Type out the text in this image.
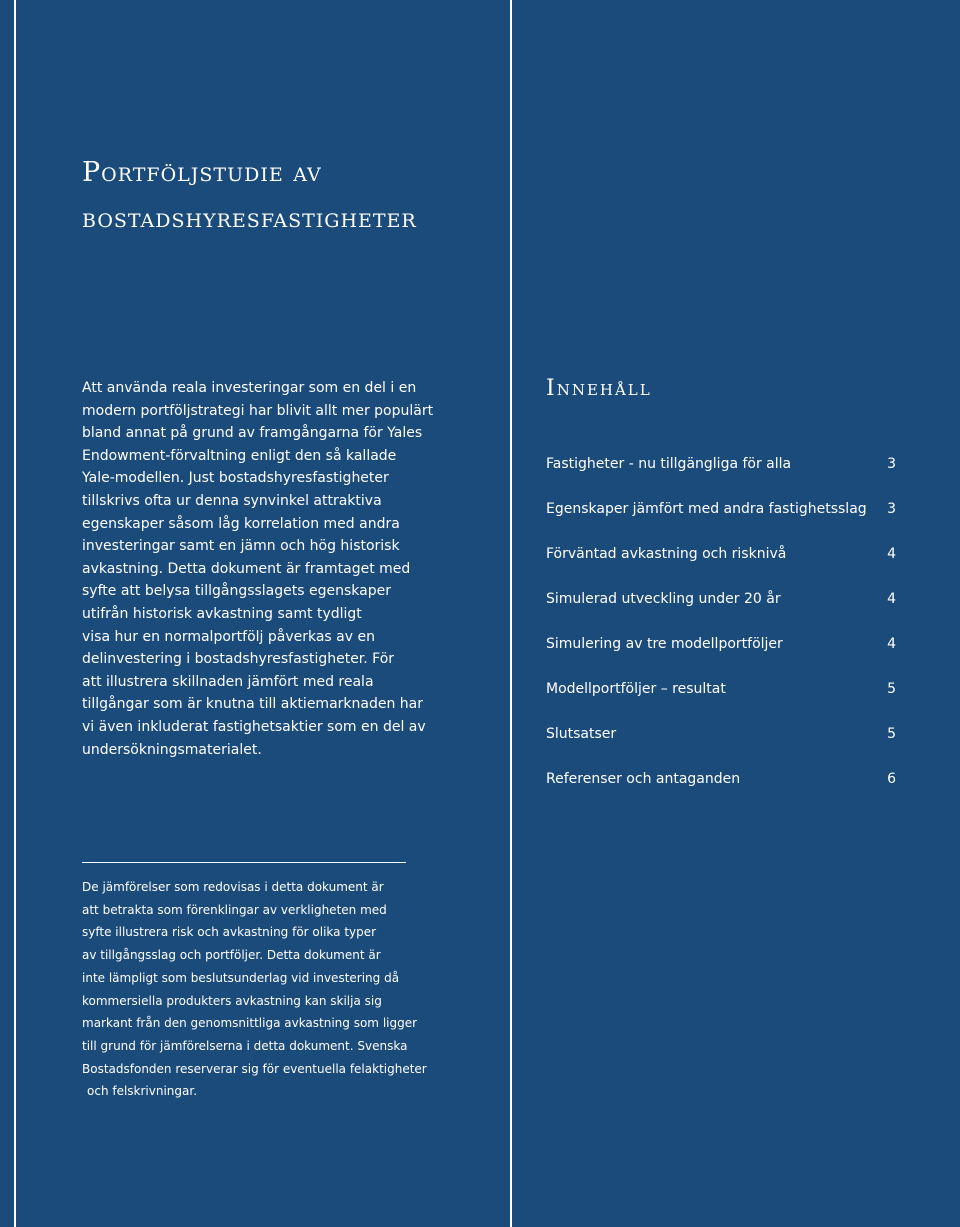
Portföljstudie av
bostadshyresfastigheter
Att använda reala investeringar som en del i en
modern portföljstrategi har blivit allt mer populärt
bland annat på grund av framgångarna för Yales
Endowment-förvaltning enligt den så kallade
Yale-modellen. Just bostadshyresfastigheter
tillskrivs ofta ur denna synvinkel attraktiva
egenskaper såsom låg korrelation med andra
investeringar samt en jämn och hög historisk
avkastning. Detta dokument är framtaget med
syfte att belysa tillgångsslagets egenskaper
utifrån historisk avkastning samt tydligt
visa hur en normalportfölj påverkas av en
delinvestering i bostadshyresfastigheter. För
att illustrera skillnaden jämfört med reala
tillgångar som är knutna till aktiemarknaden har
vi även inkluderat fastighetsaktier som en del av
undersökningsmaterialet.
Innehåll
Fastigheter - nu tillgängliga för alla	3
Egenskaper jämfört med andra fastighetsslag	3
Förväntad avkastning och risknivå	4
Simulerad utveckling under 20 år	4
Simulering av tre modellportföljer	4
Modellportföljer – resultat	5
Slutsatser	5
Referenser och antaganden	6
De jämförelser som redovisas i detta dokument är
att betrakta som förenklingar av verkligheten med
syfte illustrera risk och avkastning för olika typer
av tillgångsslag och portföljer. Detta dokument är
inte lämpligt som beslutsunderlag vid investering då
kommersiella produkters avkastning kan skilja sig
markant från den genomsnittliga avkastning som ligger
till grund för jämförelserna i detta dokument. Svenska
Bostadsfonden reserverar sig för eventuella felaktigheter
och felskrivningar.
